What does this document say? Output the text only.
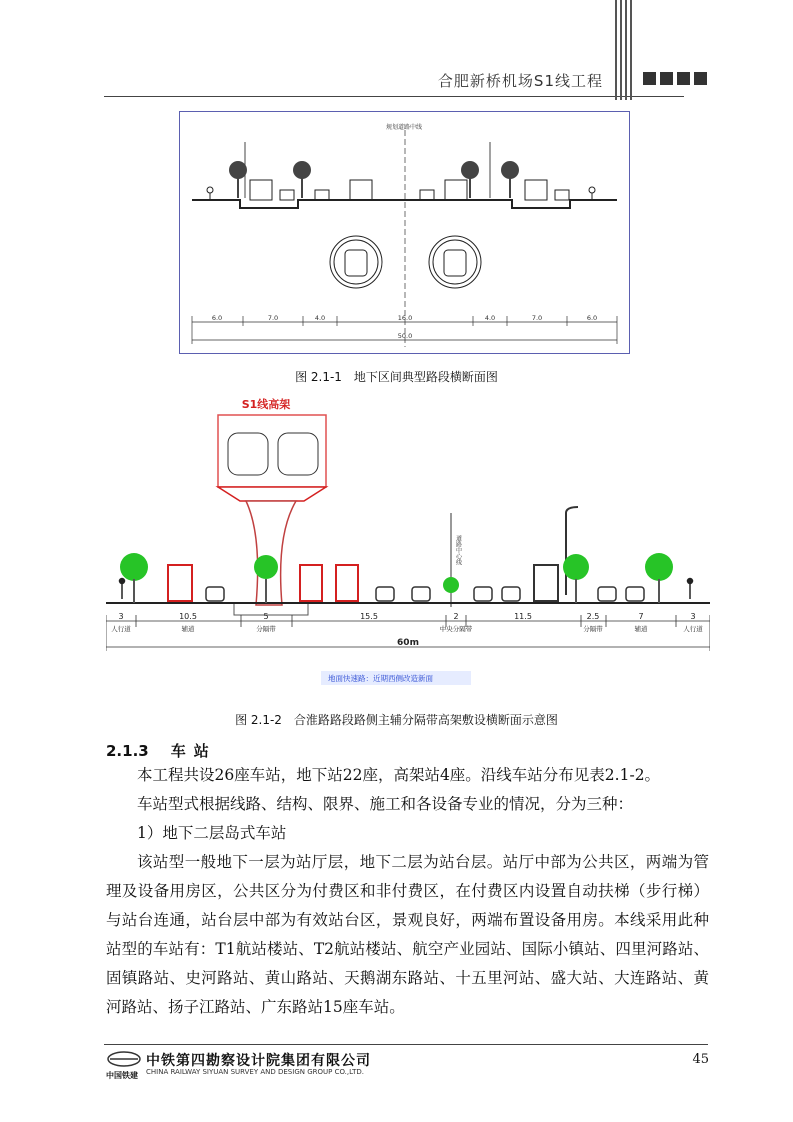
合肥新桥机场S1线工程
规划道路中线
6.0	7.0	4.0	16.0	4.0	7.0	6.0
50.0
图 2.1-1　地下区间典型路段横断面图
S1线高架
道路中心线
3	10.5	5	15.5	2	11.5	2.5	7	3
人行道	辅道	分隔带	中央分隔带	分隔带	辅道	人行道
60m
地面快速路：近期西侧改造新面
图 2.1-2　合淮路路段路侧主辅分隔带高架敷设横断面示意图
2.1.3 车站
本工程共设26座车站，地下站22座，高架站4座。沿线车站分布见表2.1-2。
车站型式根据线路、结构、限界、施工和各设备专业的情况，分为三种：
1）地下二层岛式车站
该站型一般地下一层为站厅层，地下二层为站台层。站厅中部为公共区，两端为管理及设备用房区，公共区分为付费区和非付费区，在付费区内设置自动扶梯（步行梯）与站台连通，站台层中部为有效站台区，景观良好，两端布置设备用房。本线采用此种站型的车站有：T1航站楼站、T2航站楼站、航空产业园站、国际小镇站、四里河路站、固镇路站、史河路站、黄山路站、天鹅湖东路站、十五里河站、盛大站、大连路站、黄河路站、扬子江路站、广东路站15座车站。
中铁第四勘察设计院集团有限公司
CHINA RAILWAY SIYUAN SURVEY AND DESIGN GROUP CO.,LTD.
中国铁建
45
